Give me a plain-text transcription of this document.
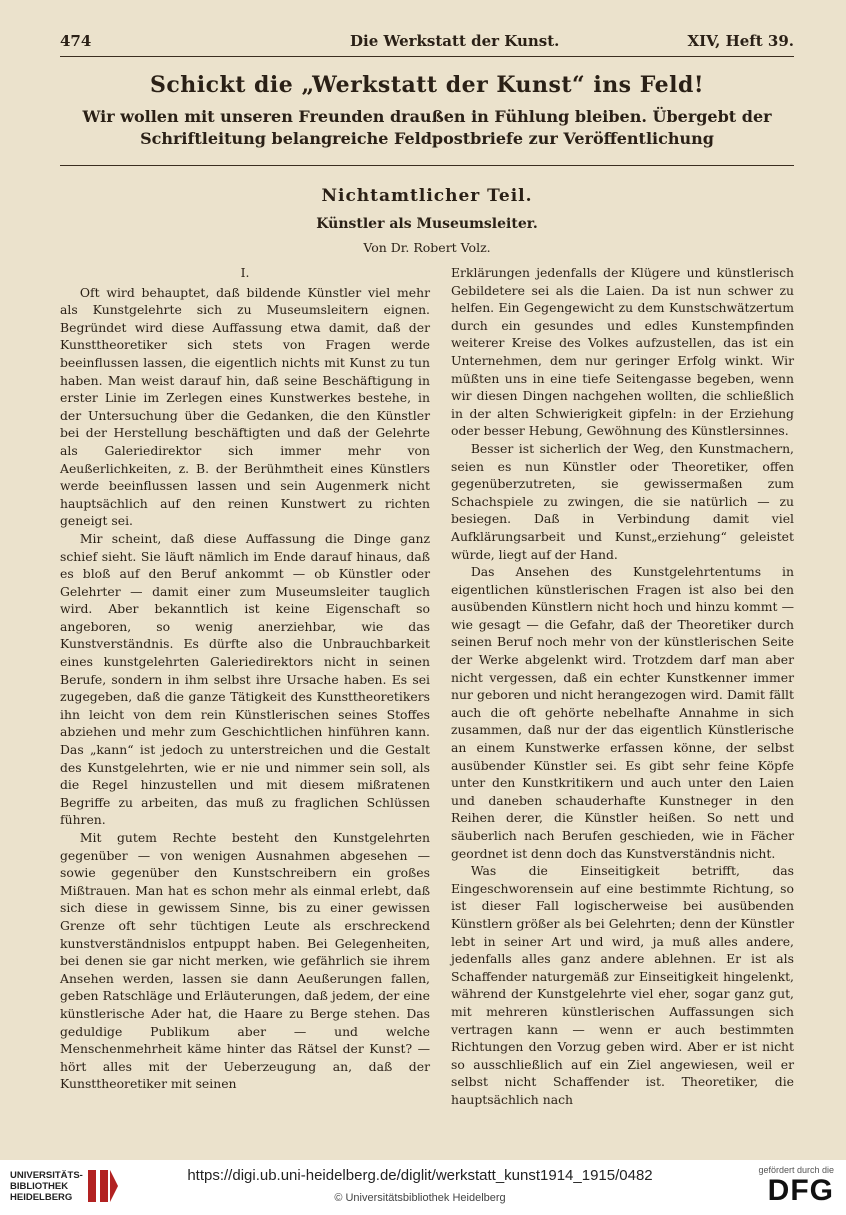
474	Die Werkstatt der Kunst.	XIV, Heft 39.
Schickt die „Werkstatt der Kunst“ ins Feld!
Wir wollen mit unseren Freunden draußen in Fühlung bleiben. Übergebt der Schriftleitung belangreiche Feldpostbriefe zur Veröffentlichung
Nichtamtlicher Teil.
Künstler als Museumsleiter.
Von Dr. Robert Volz.
I.

Oft wird behauptet, daß bildende Künstler viel mehr als Kunstgelehrte sich zu Museumsleitern eignen. Begründet wird diese Auffassung etwa damit, daß der Kunsttheoretiker sich stets von Fragen werde beeinflussen lassen, die eigentlich nichts mit Kunst zu tun haben. Man weist darauf hin, daß seine Beschäftigung in erster Linie im Zerlegen eines Kunstwerkes bestehe, in der Untersuchung über die Gedanken, die den Künstler bei der Herstellung beschäftigten und daß der Gelehrte als Galeriedirektor sich immer mehr von Aeußerlichkeiten, z. B. der Berühmtheit eines Künstlers werde beeinflussen lassen und sein Augenmerk nicht hauptsächlich auf den reinen Kunstwert zu richten geneigt sei.

Mir scheint, daß diese Auffassung die Dinge ganz schief sieht. Sie läuft nämlich im Ende darauf hinaus, daß es bloß auf den Beruf ankommt — ob Künstler oder Gelehrter — damit einer zum Museumsleiter tauglich wird. Aber bekanntlich ist keine Eigenschaft so angeboren, so wenig anerziehbar, wie das Kunstverständnis. Es dürfte also die Unbrauchbarkeit eines kunstgelehrten Galeriedirektors nicht in seinen Berufe, sondern in ihm selbst ihre Ursache haben. Es sei zugegeben, daß die ganze Tätigkeit des Kunsttheoretikers ihn leicht von dem rein Künstlerischen seines Stoffes abziehen und mehr zum Geschichtlichen hinführen kann. Das „kann“ ist jedoch zu unterstreichen und die Gestalt des Kunstgelehrten, wie er nie und nimmer sein soll, als die Regel hinzustellen und mit diesem mißratenen Begriffe zu arbeiten, das muß zu fraglichen Schlüssen führen.

Mit gutem Rechte besteht den Kunstgelehrten gegenüber — von wenigen Ausnahmen abgesehen — sowie gegenüber den Kunstschreibern ein großes Mißtrauen. Man hat es schon mehr als einmal erlebt, daß sich diese in gewissem Sinne, bis zu einer gewissen Grenze oft sehr tüchtigen Leute als erschreckend kunstverständnislos entpuppt haben. Bei Gelegenheiten, bei denen sie gar nicht merken, wie gefährlich sie ihrem Ansehen werden, lassen sie dann Aeußerungen fallen, geben Ratschläge und Erläuterungen, daß jedem, der eine künstlerische Ader hat, die Haare zu Berge stehen. Das geduldige Publikum aber — und welche Menschenmehrheit käme hinter das Rätsel der Kunst? — hört alles mit der Ueberzeugung an, daß der Kunsttheoretiker mit seinen

Erklärungen jedenfalls der Klügere und künstlerisch Gebildetere sei als die Laien. Da ist nun schwer zu helfen. Ein Gegengewicht zu dem Kunstschwätzertum durch ein gesundes und edles Kunstempfinden weiterer Kreise des Volkes aufzustellen, das ist ein Unternehmen, dem nur geringer Erfolg winkt. Wir müßten uns in eine tiefe Seitengasse begeben, wenn wir diesen Dingen nachgehen wollten, die schließlich in der alten Schwierigkeit gipfeln: in der Erziehung oder besser Hebung, Gewöhnung des Künstlersinnes.

Besser ist sicherlich der Weg, den Kunstmachern, seien es nun Künstler oder Theoretiker, offen gegenüberzutreten, sie gewissermaßen zum Schachspiele zu zwingen, die sie natürlich — zu besiegen. Daß in Verbindung damit viel Aufklärungsarbeit und Kunst„erziehung“ geleistet würde, liegt auf der Hand.

Das Ansehen des Kunstgelehrtentums in eigentlichen künstlerischen Fragen ist also bei den ausübenden Künstlern nicht hoch und hinzu kommt — wie gesagt — die Gefahr, daß der Theoretiker durch seinen Beruf noch mehr von der künstlerischen Seite der Werke abgelenkt wird. Trotzdem darf man aber nicht vergessen, daß ein echter Kunstkenner immer nur geboren und nicht herangezogen wird. Damit fällt auch die oft gehörte nebelhafte Annahme in sich zusammen, daß nur der das eigentlich Künstlerische an einem Kunstwerke erfassen könne, der selbst ausübender Künstler sei. Es gibt sehr feine Köpfe unter den Kunstkritikern und auch unter den Laien und daneben schauderhafte Kunstneger in den Reihen derer, die Künstler heißen. So nett und säuberlich nach Berufen geschieden, wie in Fächer geordnet ist denn doch das Kunstverständnis nicht.

Was die Einseitigkeit betrifft, das Eingeschworensein auf eine bestimmte Richtung, so ist dieser Fall logischerweise bei ausübenden Künstlern größer als bei Gelehrten; denn der Künstler lebt in seiner Art und wird, ja muß alles andere, jedenfalls alles ganz andere ablehnen. Er ist als Schaffender naturgemäß zur Einseitigkeit hingelenkt, während der Kunstgelehrte viel eher, sogar ganz gut, mit mehreren künstlerischen Auffassungen sich vertragen kann — wenn er auch bestimmten Richtungen den Vorzug geben wird. Aber er ist nicht so ausschließlich auf ein Ziel angewiesen, weil er selbst nicht Schaffender ist. Theoretiker, die hauptsächlich nach

UNIVERSITÄTS-
BIBLIOTHEK
HEIDELBERG
https://digi.ub.uni-heidelberg.de/diglit/werkstatt_kunst1914_1915/0482
© Universitätsbibliothek Heidelberg
gefördert durch die
DFG
